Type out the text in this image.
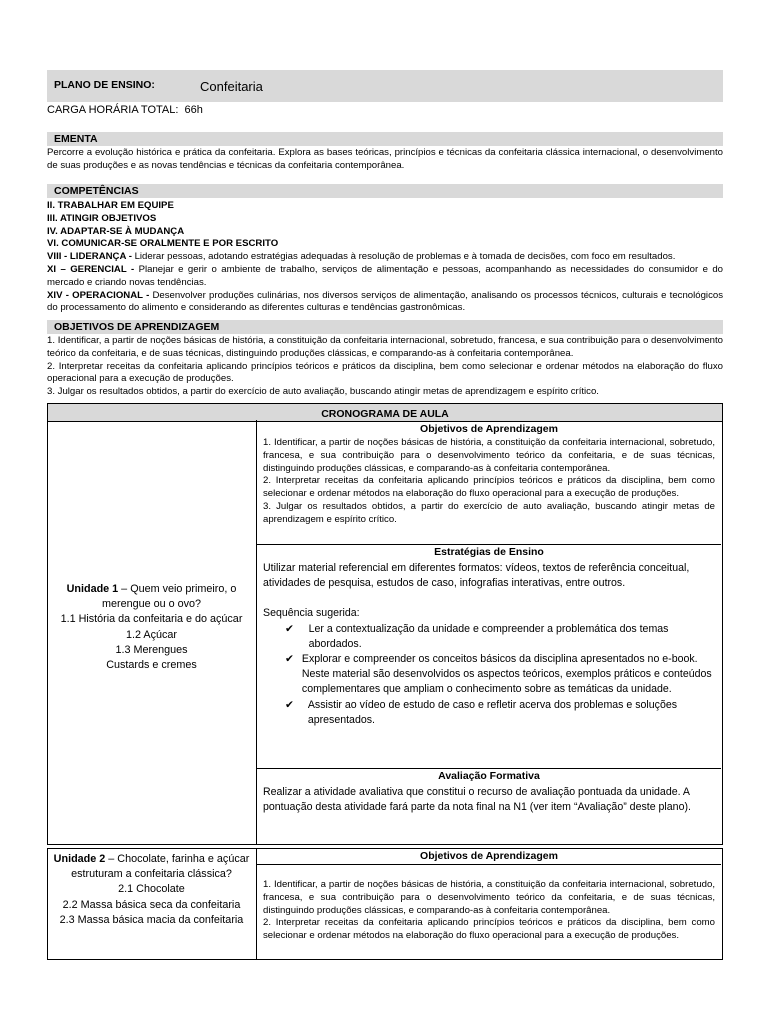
PLANO DE ENSINO:	Confeitaria
CARGA HORÁRIA TOTAL: 66h
EMENTA
Percorre a evolução histórica e prática da confeitaria. Explora as bases teóricas, princípios e técnicas da confeitaria clássica internacional, o desenvolvimento de suas produções e as novas tendências e técnicas da confeitaria contemporânea.
COMPETÊNCIAS
II. TRABALHAR EM EQUIPE
III. ATINGIR OBJETIVOS
IV. ADAPTAR-SE À MUDANÇA
VI. COMUNICAR-SE ORALMENTE E POR ESCRITO
VIII - LIDERANÇA - Liderar pessoas, adotando estratégias adequadas à resolução de problemas e à tomada de decisões, com foco em resultados.
XI – GERENCIAL - Planejar e gerir o ambiente de trabalho, serviços de alimentação e pessoas, acompanhando as necessidades do consumidor e do mercado e criando novas tendências.
XIV - OPERACIONAL - Desenvolver produções culinárias, nos diversos serviços de alimentação, analisando os processos técnicos, culturais e tecnológicos do processamento do alimento e considerando as diferentes culturas e tendências gastronômicas.
OBJETIVOS DE APRENDIZAGEM
1. Identificar, a partir de noções básicas de história, a constituição da confeitaria internacional, sobretudo, francesa, e sua contribuição para o desenvolvimento teórico da confeitaria, e de suas técnicas, distinguindo produções clássicas, e comparando-as à confeitaria contemporânea.
2. Interpretar receitas da confeitaria aplicando princípios teóricos e práticos da disciplina, bem como selecionar e ordenar métodos na elaboração do fluxo operacional para a execução de produções.
3. Julgar os resultados obtidos, a partir do exercício de auto avaliação, buscando atingir metas de aprendizagem e espírito crítico.
CRONOGRAMA DE AULA
Unidade 1 – Quem veio primeiro, o merengue ou o ovo?
1.1 História da confeitaria e do açúcar
1.2 Açúcar
1.3 Merengues
Custards e cremes
Objetivos de Aprendizagem
1. Identificar, a partir de noções básicas de história, a constituição da confeitaria internacional, sobretudo, francesa, e sua contribuição para o desenvolvimento teórico da confeitaria, e de suas técnicas, distinguindo produções clássicas, e comparando-as à confeitaria contemporânea.
2. Interpretar receitas da confeitaria aplicando princípios teóricos e práticos da disciplina, bem como selecionar e ordenar métodos na elaboração do fluxo operacional para a execução de produções.
3. Julgar os resultados obtidos, a partir do exercício de auto avaliação, buscando atingir metas de aprendizagem e espírito crítico.
Estratégias de Ensino
Utilizar material referencial em diferentes formatos: vídeos, textos de referência conceitual, atividades de pesquisa, estudos de caso, infografias interativas, entre outros.
Sequência sugerida:
✔	Ler a contextualização da unidade e compreender a problemática dos temas abordados.
✔ Explorar e compreender os conceitos básicos da disciplina apresentados no e-book. Neste material são desenvolvidos os aspectos teóricos, exemplos práticos e conteúdos complementares que ampliam o conhecimento sobre as temáticas da unidade.
✔	Assistir ao vídeo de estudo de caso e refletir acerva dos problemas e soluções apresentados.
Avaliação Formativa
Realizar a atividade avaliativa que constitui o recurso de avaliação pontuada da unidade. A pontuação desta atividade fará parte da nota final na N1 (ver item “Avaliação” deste plano).
Unidade 2 – Chocolate, farinha e açúcar estruturam a confeitaria clássica?
2.1 Chocolate
2.2 Massa básica seca da confeitaria
2.3 Massa básica macia da confeitaria
Objetivos de Aprendizagem
1. Identificar, a partir de noções básicas de história, a constituição da confeitaria internacional, sobretudo, francesa, e sua contribuição para o desenvolvimento teórico da confeitaria, e de suas técnicas, distinguindo produções clássicas, e comparando-as à confeitaria contemporânea.
2. Interpretar receitas da confeitaria aplicando princípios teóricos e práticos da disciplina, bem como selecionar e ordenar métodos na elaboração do fluxo operacional para a execução de produções.
